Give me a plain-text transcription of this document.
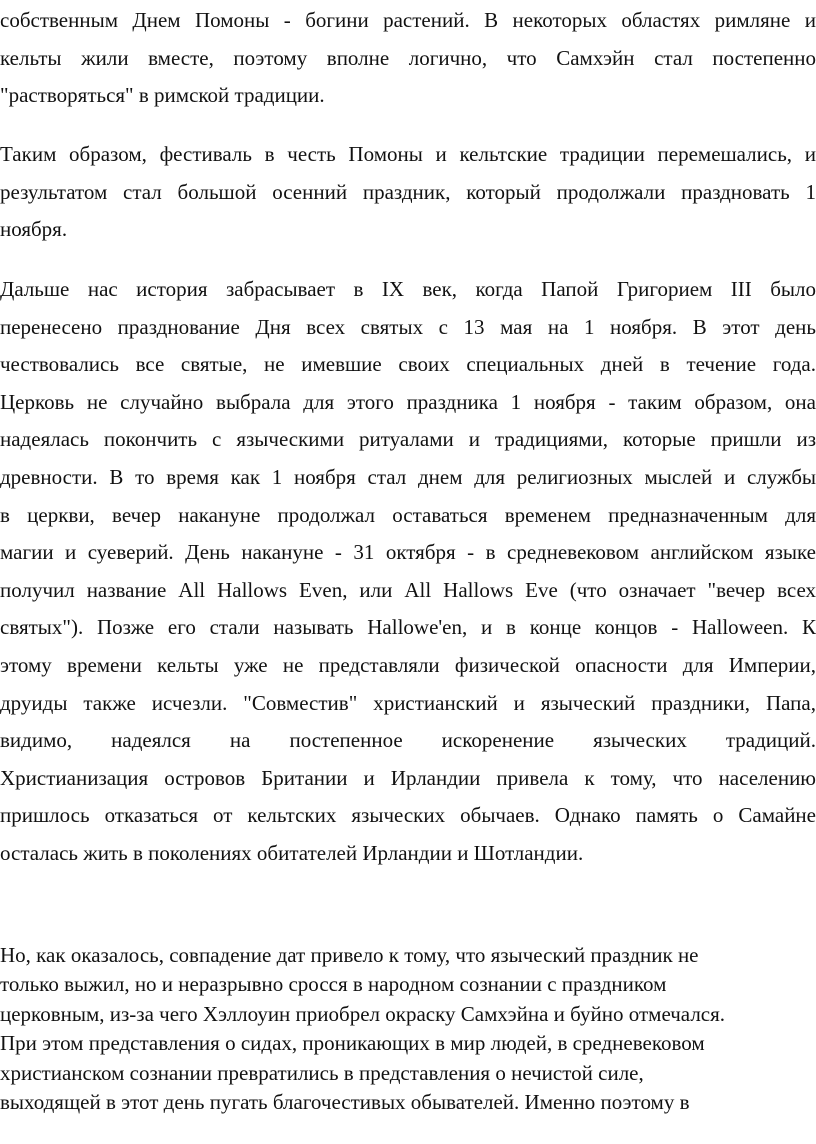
собственным Днем Помоны - богини растений. В некоторых областях римляне и
кельты жили вместе, поэтому вполне логично, что Самхэйн стал постепенно
"растворяться" в римской традиции.
Таким образом, фестиваль в честь Помоны и кельтские традиции перемешались, и
результатом стал большой осенний праздник, который продолжали праздновать 1
ноября.
Дальше нас история забрасывает в IX век, когда Папой Григорием III было
перенесено празднование Дня всех святых с 13 мая на 1 ноября. В этот день
чествовались все святые, не имевшие своих специальных дней в течение года.
Церковь не случайно выбрала для этого праздника 1 ноября - таким образом, она
надеялась покончить с языческими ритуалами и традициями, которые пришли из
древности. В то время как 1 ноября стал днем для религиозных мыслей и службы
в церкви, вечер накануне продолжал оставаться временем предназначенным для
магии и суеверий. День накануне - 31 октября - в средневековом английском языке
получил название All Hallows Even, или All Hallows Eve (что означает "вечер всех
святых"). Позже его стали называть Hallowe'en, и в конце концов - Halloween. К
этому времени кельты уже не представляли физической опасности для Империи,
друиды также исчезли. "Совместив" христианский и языческий праздники, Папа,
видимо, надеялся на постепенное искоренение языческих традиций.
Христианизация островов Британии и Ирландии привела к тому, что населению
пришлось отказаться от кельтских языческих обычаев. Однако память о Самайне
осталась жить в поколениях обитателей Ирландии и Шотландии.
Но, как оказалось, совпадение дат привело к тому, что языческий праздник не
только выжил, но и неразрывно сросся в народном сознании с праздником
церковным, из-за чего Хэллоуин приобрел окраску Самхэйна и буйно отмечался.
При этом представления о сидах, проникающих в мир людей, в средневековом
христианском сознании превратились в представления о нечистой силе,
выходящей в этот день пугать благочестивых обывателей. Именно поэтому в
